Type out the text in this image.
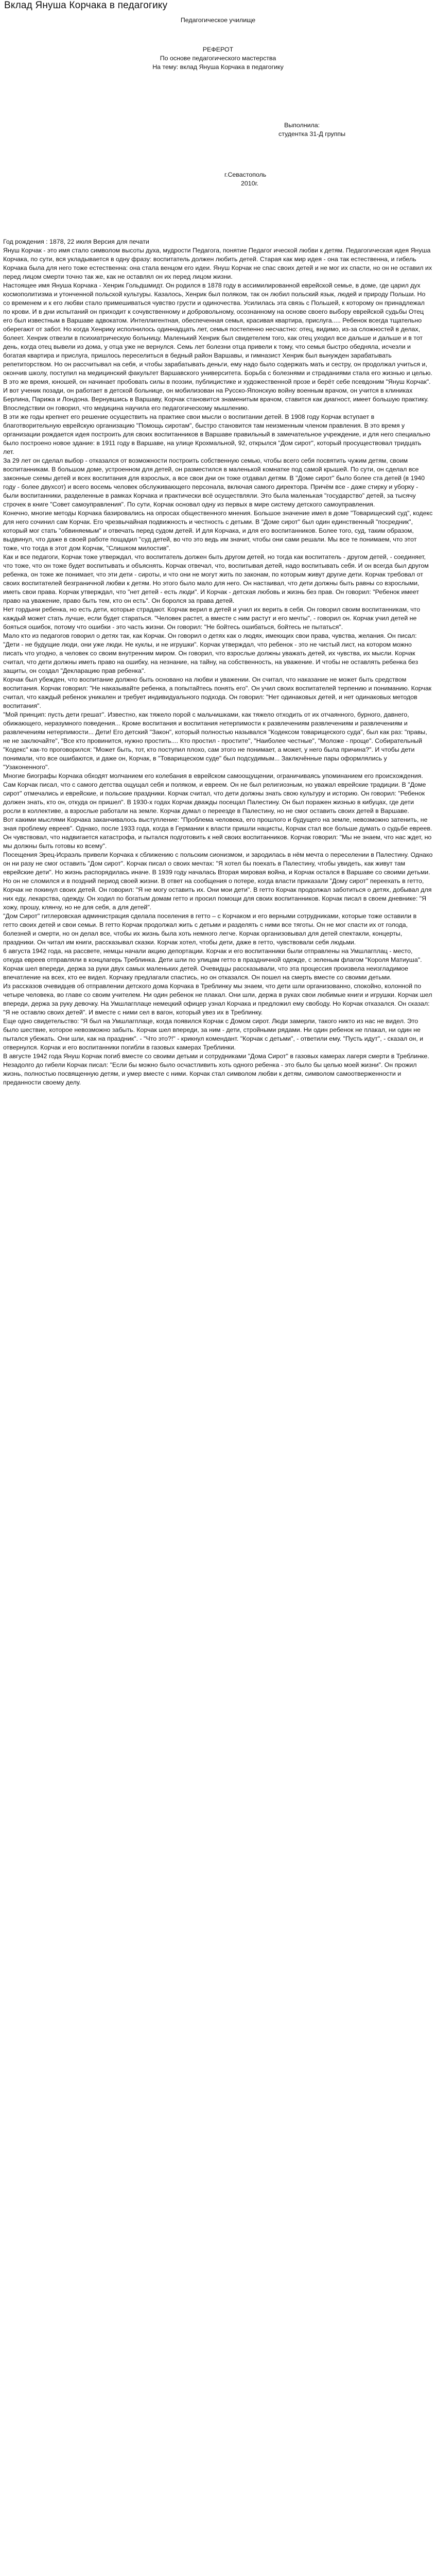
Вклад Януша Корчака в педагогику
Педагогическое училище
РЕФЕРОТ
По основе педагогического мастерства
На тему: вклад Януша Корчака в педагогику
Выполнила:
студентка 31-Д группы
г.Севастополь
2010г.

Год рождения : 1878, 22 июля Версия для печати

Януш Корчак - это имя стало символом высоты духа, мудрости Педагога, понятие Педагог ической любви к детям. Педагогическая идея Януша Корчака, по сути, вся укладывается в одну фразу: воспитатель должен любить детей. Старая как мир идея - она так естественна, и гибель Корчака была для него тоже естественна: она стала венцом его идеи. Януш Корчак не спас своих детей и не мог их спасти, но он не оставил их перед лицом смерти точно так же, как не оставлял он их перед лицом жизни.

Настоящее имя Януша Корчака - Хенрик Гольдшмидт. Он родился в 1878 году в ассимилированной еврейской семье, в доме, где царил дух космополитизма и утонченной польской культуры. Казалось, Хенрик был поляком, так он любил польский язык, людей и природу Польши. Но со временем и к его любви стало примешиваться чувство грусти и одиночества. Усилилась эта связь с Польшей, к которому он принадлежал по крови. И в дни испытаний он приходит к сочувственному и добровольному, осознанному на основе своего выбору еврейской судьбы Отец его был известным в Варшаве адвокатом. Интеллигентная, обеспеченная семья, красивая квартира, прислуга..... Ребенок всегда тщательно оберегают от забот. Но когда Хенрику исполнилось одиннадцать лет, семья постепенно несчастно: отец, видимо, из-за сложностей в делах, болеет. Хенрик отвезли в психиатрическую больницу. Маленький Хенрик был свидетелем того, как отец уходил все дальше и дальше и в тот день, когда отец вывели из дома, у отца уже не вернулся. Семь лет болезни отца привели к тому, что семья быстро обедняла, исчезли и богатая квартира и прислуга, пришлось переселиться в бедный район Варшавы, и гимназист Хенрик был вынужден зарабатывать репетиторством. Но он рассчитывал на себя, и чтобы зарабатывать деньги, ему надо было содержать мать и сестру, он продолжал учиться и, окончив школу, поступил на медицинский факультет Варшавского университета. Борьба с болезнями и страданиями стала его жизнью и целью. В это же время, юношей, он начинает пробовать силы в поэзии, публицистике и художественной прозе и берёт себе псевдоним "Януш Корчак".

И вот ученик позади, он работает в детской больнице, он мобилизован на Русско-Японскую войну военным врачом, он учится в клиниках Берлина, Парижа и Лондона. Вернувшись в Варшаву, Корчак становится знаменитым врачом, ставится как диагност, имеет большую практику. Впоследствии он говорил, что медицина научила его педагогическому мышлению.

В эти же годы крепнет его решение осуществить на практике свои мысли о воспитании детей. В 1908 году Корчак вступает в благотворительную еврейскую организацию "Помощь сиротам", быстро становится там неизменным членом правления. В это время у организации рождается идея построить для своих воспитанников в Варшаве правильный в замечательное учреждение, и для него специально было построено новое здание: в 1911 году в Варшаве, на улице Крохмальной, 92, открылся "Дом сирот", который просуществовал тридцать лет.

За 29 лет он сделал выбор - отказался от возможности построить собственную семью, чтобы всего себя посвятить чужим детям, своим воспитанникам. В большом доме, устроенном для детей, он разместился в маленькой комнатке под самой крышей. По сути, он сделал все законные схемы детей и всех воспитания для взрослых, а все свои дни он тоже отдавал детям. В "Доме сирот" было более ста детей (в 1940 году - более двухсот) и всего восемь человек обслуживающего персонала, включая самого директора. Причём все - даже стирку и уборку - были воспитанники, разделенные в рамках Корчака и практически всё осуществляли. Это была маленькая "государство" детей, за тысячу строчек в книге "Совет самоуправления". По сути, Корчак основал одну из первых в мире систему детского самоуправления.

Конечно, многие методы Корчака базировались на опросах общественного мнения. Большое значение имел в доме "Товарищеский суд", кодекс для него сочинил сам Корчак. Его чрезвычайная подвижность и честность с детьми. В "Доме сирот" был один единственный "посредник", который мог стать "обвиняемым" и отвечать перед судом детей. И для Корчака, и для его воспитанников. Более того, суд, таким образом, выдвинул, что даже в своей работе пощадил "суд детей, во что это ведь им значит, чтобы они сами решали. Мы все те понимаем, что этот тоже, что тогда в этот дом Корчак, "Слишком милостив".

Как и все педагоги, Корчак тоже утверждал, что воспитатель должен быть другом детей, но тогда как воспитатель - другом детей, - соединяет, что тоже, что он тоже будет воспитывать и объяснять. Корчак отвечал, что, воспитывая детей, надо воспитывать себя. И он всегда был другом ребенка, он тоже же понимает, что эти дети - сироты, и что они не могут жить по законам, по которым живут другие дети. Корчак требовал от своих воспитателей безграничной любви к детям. Но этого было мало для него. Он настаивал, что дети должны быть равны со взрослыми, иметь свои права. Корчак утверждал, что "нет детей - есть люди". И Корчак - детская любовь и жизнь без прав. Он говорил: "Ребенок имеет право на уважение, право быть тем, кто он есть". Он боролся за права детей.

Нет гордыни ребенка, но есть дети, которые страдают. Корчак верил в детей и учил их верить в себя. Он говорил своим воспитанникам, что каждый может стать лучше, если будет стараться. "Человек растет, а вместе с ним растут и его мечты", - говорил он. Корчак учил детей не бояться ошибок, потому что ошибки - это часть жизни. Он говорил: "Не бойтесь ошибаться, бойтесь не пытаться".

Мало кто из педагогов говорил о детях так, как Корчак. Он говорил о детях как о людях, имеющих свои права, чувства, желания. Он писал: "Дети - не будущие люди, они уже люди. Не куклы, и не игрушки". Корчак утверждал, что ребенок - это не чистый лист, на котором можно писать что угодно, а человек со своим внутренним миром. Он говорил, что взрослые должны уважать детей, их чувства, их мысли. Корчак считал, что дети должны иметь право на ошибку, на незнание, на тайну, на собственность, на уважение. И чтобы не оставлять ребенка без защиты, он создал "Декларацию прав ребенка".

Корчак был убежден, что воспитание должно быть основано на любви и уважении. Он считал, что наказание не может быть средством воспитания. Корчак говорил: "Не наказывайте ребенка, а попытайтесь понять его". Он учил своих воспитателей терпению и пониманию. Корчак считал, что каждый ребенок уникален и требует индивидуального подхода. Он говорил: "Нет одинаковых детей, и нет одинаковых методов воспитания".

"Мой принцип: пусть дети грешат". Известно, как тяжело порой с мальчишками, как тяжело отходить от их отчаянного, бурного, давнего, обижающего, неразумного поведения... Кроме воспитания и воспитания нетерпимости к развлечениям развлечениям и развлечениям и развлечениям нетерпимости... Дети! Его детский "Закон", который полностью назывался "Кодексом товарищеского суда", был как раз: "правы, не не заключайте", "Все кто провинится, нужно простить.... Кто простил - простите", "Наиболее честные", "Моложе - проще". Собирательный "Кодекс" как-то проговорился: "Может быть, тот, кто поступил плохо, сам этого не понимает, а может, у него была причина?". И чтобы дети понимали, что все ошибаются, и даже он, Корчак, в "Товарищеском суде" был подсудимым... Заключённые пары оформлялись у "Узаконенного".

Многие биографы Корчака обходят молчанием его колебания в еврейском самоощущении, ограничиваясь упоминанием его происхождения. Сам Корчак писал, что с самого детства ощущал себя и поляком, и евреем. Он не был религиозным, но уважал еврейские традиции. В "Доме сирот" отмечались и еврейские, и польские праздники. Корчак считал, что дети должны знать свою культуру и историю. Он говорил: "Ребенок должен знать, кто он, откуда он пришел". В 1930-х годах Корчак дважды посещал Палестину. Он был поражен жизнью в кибуцах, где дети росли в коллективе, а взрослые работали на земле. Корчак думал о переезде в Палестину, но не смог оставить своих детей в Варшаве.

Вот какими мыслями Корчака заканчивалось выступление: "Проблема человека, его прошлого и будущего на земле, невозможно затенить, не зная проблему евреев". Однако, после 1933 года, когда в Германии к власти пришли нацисты, Корчак стал все больше думать о судьбе евреев. Он чувствовал, что надвигается катастрофа, и пытался подготовить к ней своих воспитанников. Корчак говорил: "Мы не знаем, что нас ждет, но мы должны быть готовы ко всему".

Посещения Эрец-Исраэль привели Корчака к сближению с польским сионизмом, и зародилась в нём мечта о переселении в Палестину. Однако он ни разу не смог оставить "Дом сирот". Корчак писал о своих мечтах: "Я хотел бы поехать в Палестину, чтобы увидеть, как живут там еврейские дети". Но жизнь распорядилась иначе. В 1939 году началась Вторая мировая война, и Корчак остался в Варшаве со своими детьми.

Но он не сломился и в поздний период своей жизни. В ответ на сообщения о потере, когда власти приказали "Дому сирот" переехать в гетто, Корчак не покинул своих детей. Он говорил: "Я не могу оставить их. Они мои дети". В гетто Корчак продолжал заботиться о детях, добывал для них еду, лекарства, одежду. Он ходил по богатым домам гетто и просил помощи для своих воспитанников. Корчак писал в своем дневнике: "Я хожу, прошу, клянчу, но не для себя, а для детей".

"Дом Сирот" гитлеровская администрация сделала поселения в гетто – с Корчаком и его верными сотрудниками, которые тоже оставили в гетто своих детей и свои семьи. В гетто Корчак продолжал жить с детьми и разделять с ними все тяготы. Он не мог спасти их от голода, болезней и смерти, но он делал все, чтобы их жизнь была хоть немного легче. Корчак организовывал для детей спектакли, концерты, праздники. Он читал им книги, рассказывал сказки. Корчак хотел, чтобы дети, даже в гетто, чувствовали себя людьми.

6 августа 1942 года, на рассвете, немцы начали акцию депортации. Корчак и его воспитанники были отправлены на Умшлагплац - место, откуда евреев отправляли в концлагерь Треблинка. Дети шли по улицам гетто в праздничной одежде, с зеленым флагом "Короля Матиуша". Корчак шел впереди, держа за руки двух самых маленьких детей. Очевидцы рассказывали, что эта процессия произвела неизгладимое впечатление на всех, кто ее видел. Корчаку предлагали спастись, но он отказался. Он пошел на смерть вместе со своими детьми.

Из рассказов очевидцев об отправлении детского дома Корчака в Треблинку мы знаем, что дети шли организованно, спокойно, колонной по четыре человека, во главе со своим учителем. Ни один ребенок не плакал. Они шли, держа в руках свои любимые книги и игрушки. Корчак шел впереди, держа за руку девочку. На Умшлагплаце немецкий офицер узнал Корчака и предложил ему свободу. Но Корчак отказался. Он сказал: "Я не оставлю своих детей". И вместе с ними сел в вагон, который увез их в Треблинку.

Еще одно свидетельство: "Я был на Умшлагплаце, когда появился Корчак с Домом сирот. Люди замерли, такого никто из нас не видел. Это было шествие, которое невозможно забыть. Корчак шел впереди, за ним - дети, стройными рядами. Ни один ребенок не плакал, ни один не пытался убежать. Они шли, как на праздник". - "Что это?!" - крикнул комендант. "Корчак с детьми", - ответили ему. "Пусть идут", - сказал он, и отвернулся. Корчак и его воспитанники погибли в газовых камерах Треблинки.

В августе 1942 года Януш Корчак погиб вместе со своими детьми и сотрудниками "Дома Сирот" в газовых камерах лагеря смерти в Треблинке.

Незадолго до гибели Корчак писал: "Если бы можно было осчастливить хоть одного ребенка - это было бы целью моей жизни". Он прожил жизнь, полностью посвященную детям, и умер вместе с ними. Корчак стал символом любви к детям, символом самоотверженности и преданности своему делу.
